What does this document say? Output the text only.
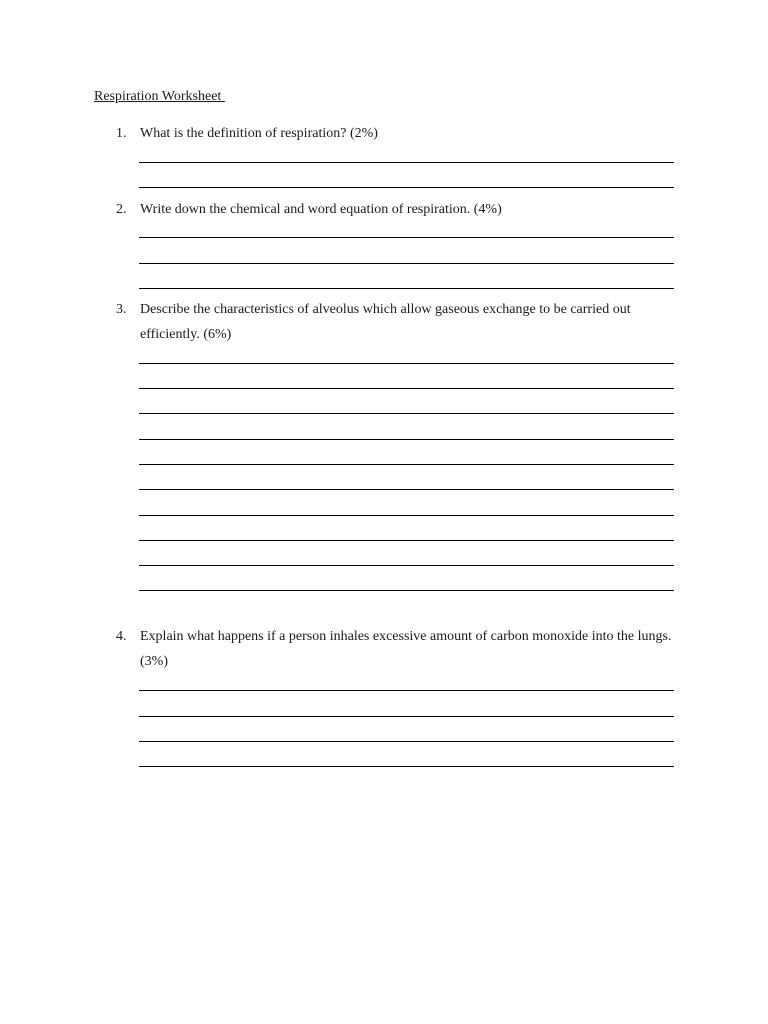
Respiration Worksheet
1. What is the definition of respiration? (2%)
2. Write down the chemical and word equation of respiration. (4%)
3. Describe the characteristics of alveolus which allow gaseous exchange to be carried out efficiently. (6%)
4. Explain what happens if a person inhales excessive amount of carbon monoxide into the lungs. (3%)
